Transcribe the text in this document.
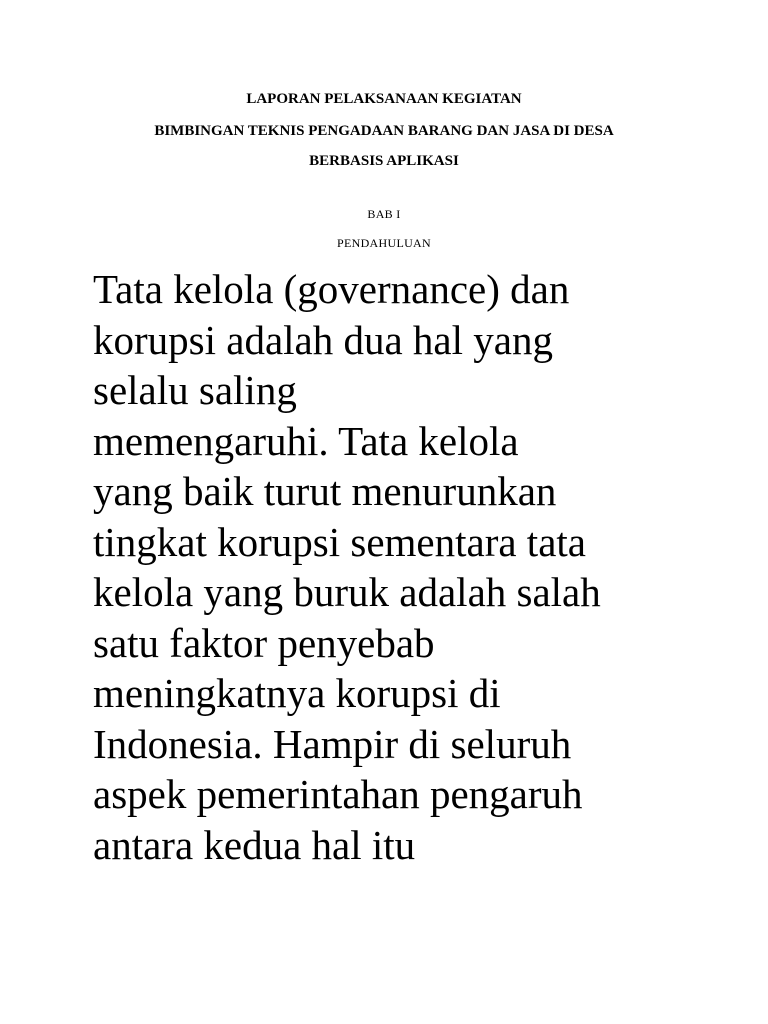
LAPORAN PELAKSANAAN KEGIATAN
BIMBINGAN TEKNIS PENGADAAN BARANG DAN JASA DI DESA
BERBASIS APLIKASI
BAB I
PENDAHULUAN
Tata kelola (governance) dan
korupsi adalah dua hal yang
selalu saling
memengaruhi. Tata kelola
yang baik turut menurunkan
tingkat korupsi sementara tata
kelola yang buruk adalah salah
satu faktor penyebab
meningkatnya korupsi di
Indonesia. Hampir di seluruh
aspek pemerintahan pengaruh
antara kedua hal itu
